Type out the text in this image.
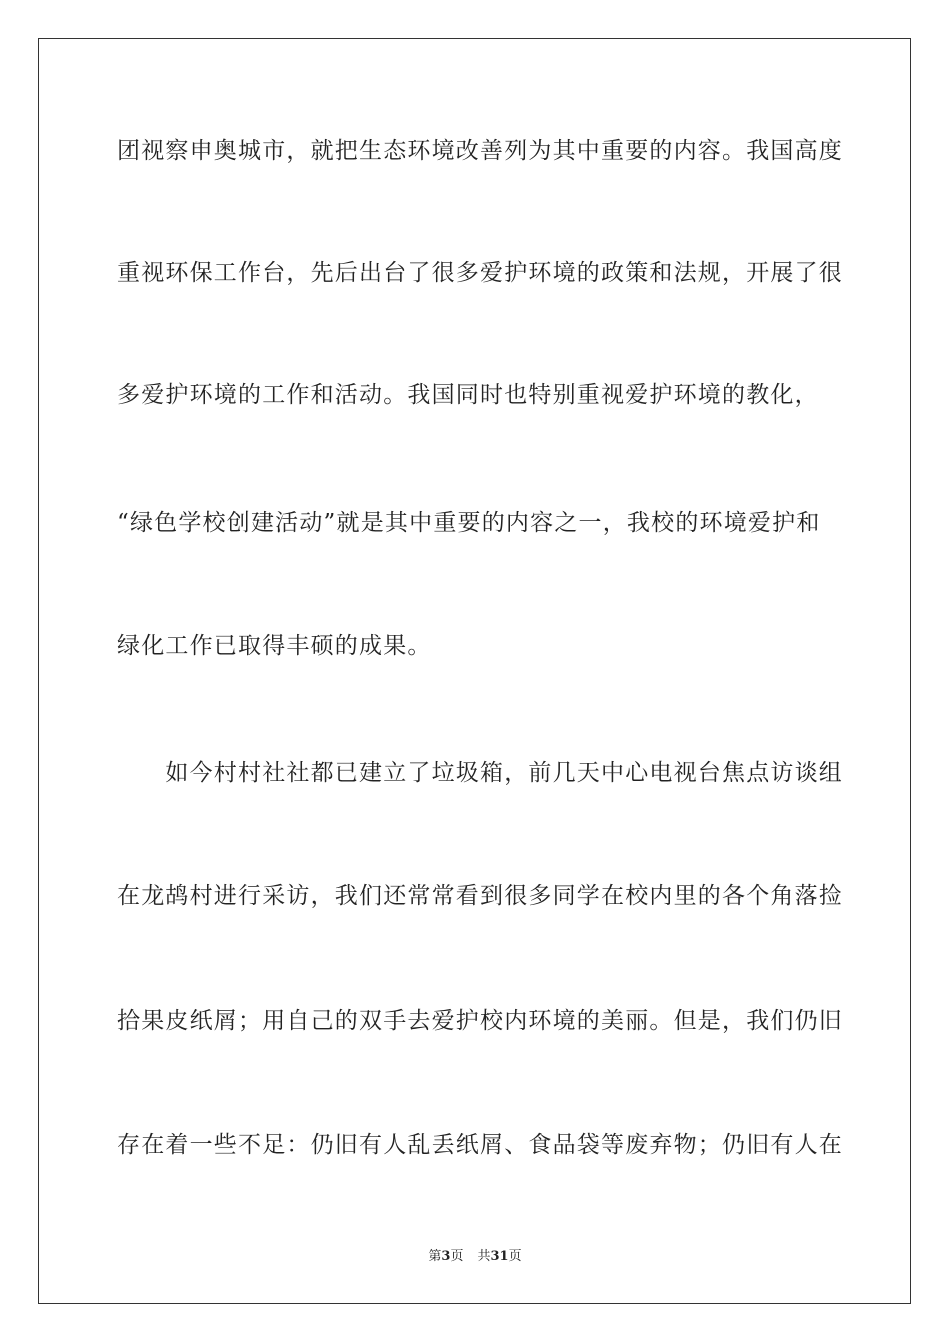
团视察申奥城市，就把生态环境改善列为其中重要的内容。我国高度
重视环保工作台，先后出台了很多爱护环境的政策和法规，开展了很
多爱护环境的工作和活动。我国同时也特别重视爱护环境的教化，
“绿色学校创建活动”就是其中重要的内容之一，我校的环境爱护和
绿化工作已取得丰硕的成果。
　　如今村村社社都已建立了垃圾箱，前几天中心电视台焦点访谈组
在龙鸪村进行采访，我们还常常看到很多同学在校内里的各个角落捡
拾果皮纸屑；用自己的双手去爱护校内环境的美丽。但是，我们仍旧
存在着一些不足：仍旧有人乱丢纸屑、食品袋等废弃物；仍旧有人在
第3页 共31页
